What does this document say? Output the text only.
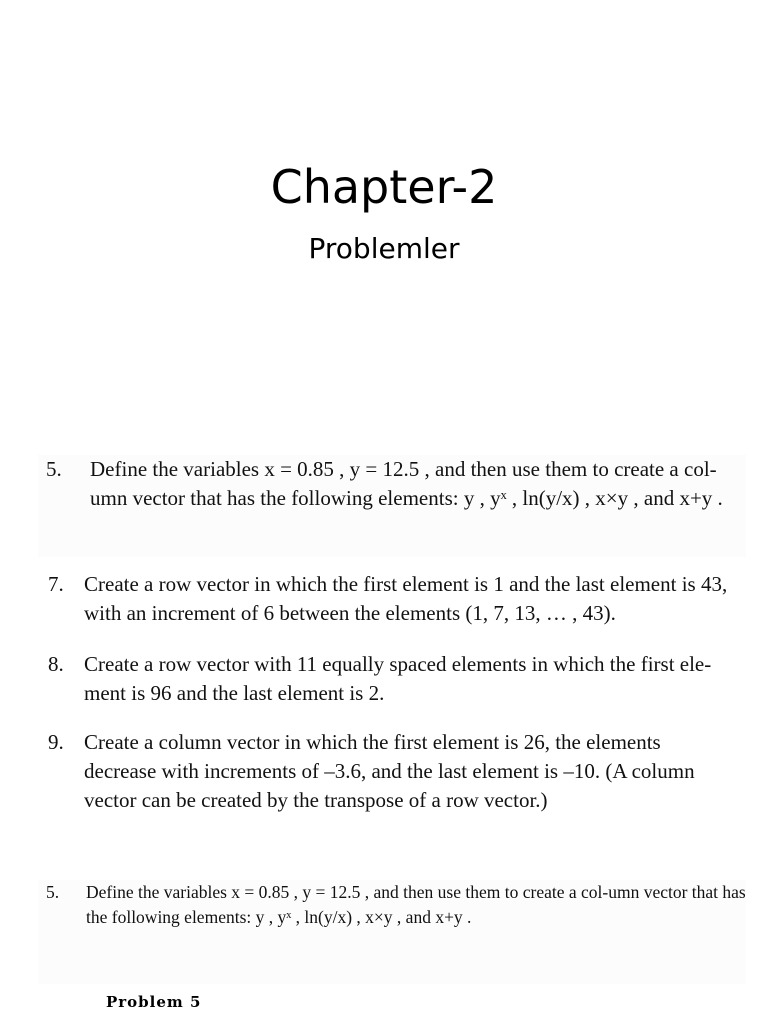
Chapter-2
Problemler
5.	Define the variables x = 0.85 , y = 12.5 , and then use them to create a col-umn vector that has the following elements: y , yˣ , ln(y/x) , x×y , and x+y .
7. Create a row vector in which the first element is 1 and the last element is 43, with an increment of 6 between the elements (1, 7, 13, … , 43).
8. Create a row vector with 11 equally spaced elements in which the first ele-ment is 96 and the last element is 2.
9. Create a column vector in which the first element is 26, the elements decrease with increments of –3.6, and the last element is –10. (A column vector can be created by the transpose of a row vector.)
5.	Define the variables x = 0.85 , y = 12.5 , and then use them to create a col-umn vector that has the following elements: y , yˣ , ln(y/x) , x×y , and x+y .
Problem 5
